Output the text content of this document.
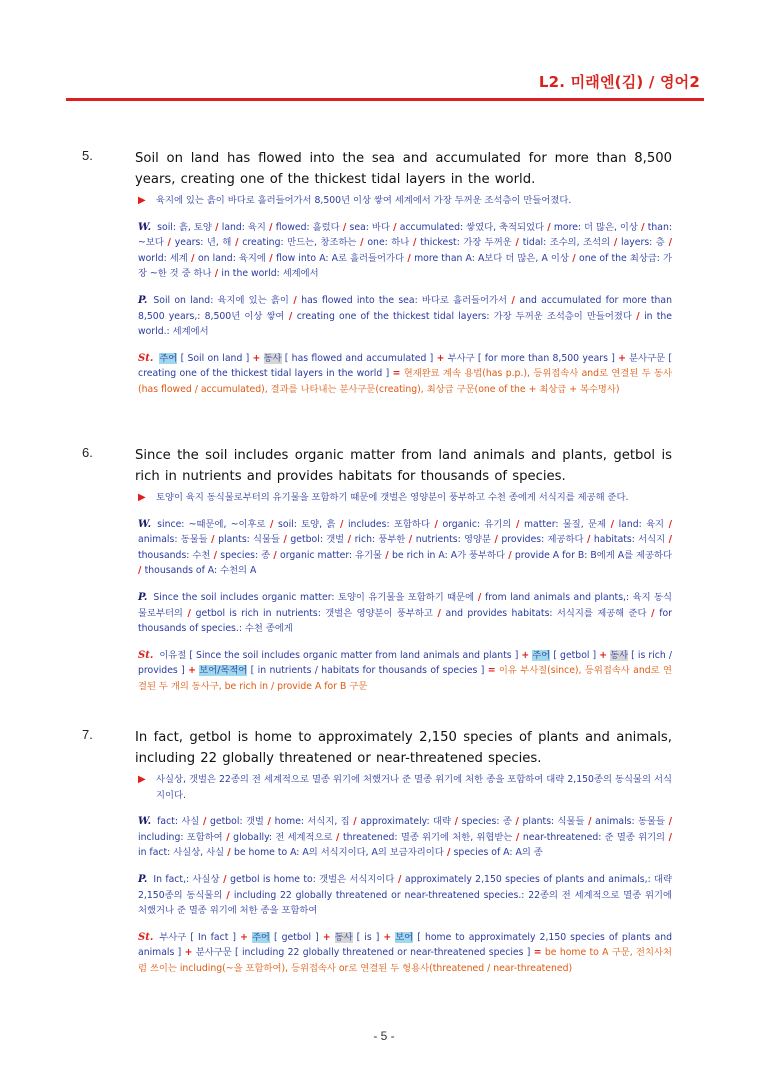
L2. 미래엔(김) / 영어2
5.	Soil on land has flowed into the sea and accumulated for more than 8,500 years, creating one of the thickest tidal layers in the world.
▶ 육지에 있는 흙이 바다로 흘러들어가서 8,500년 이상 쌓여 세계에서 가장 두꺼운 조석층이 만들어졌다.
W. soil: 흙, 토양 / land: 육지 / flowed: 흘렀다 / sea: 바다 / accumulated: 쌓였다, 축적되었다 / more: 더 많은, 이상 / than: ~보다 / years: 년, 해 / creating: 만드는, 창조하는 / one: 하나 / thickest: 가장 두꺼운 / tidal: 조수의, 조석의 / layers: 층 / world: 세계 / on land: 육지에 / flow into A: A로 흘러들어가다 / more than A: A보다 더 많은, A 이상 / one of the 최상급: 가장 ~한 것 중 하나 / in the world: 세계에서
P. Soil on land: 육지에 있는 흙이 / has flowed into the sea: 바다로 흘러들어가서 / and accumulated for more than 8,500 years,: 8,500년 이상 쌓여 / creating one of the thickest tidal layers: 가장 두꺼운 조석층이 만들어졌다 / in the world.: 세계에서
St. 주어 [ Soil on land ] + 동사 [ has flowed and accumulated ] + 부사구 [ for more than 8,500 years ] + 분사구문 [ creating one of the thickest tidal layers in the world ] = 현재완료 계속 용법(has p.p.), 등위접속사 and로 연결된 두 동사(has flowed / accumulated), 결과를 나타내는 분사구문(creating), 최상급 구문(one of the + 최상급 + 복수명사)
6.	Since the soil includes organic matter from land animals and plants, getbol is rich in nutrients and provides habitats for thousands of species.
▶ 토양이 육지 동식물로부터의 유기물을 포함하기 때문에 갯벌은 영양분이 풍부하고 수천 종에게 서식지를 제공해 준다.
W. since: ~때문에, ~이후로 / soil: 토양, 흙 / includes: 포함하다 / organic: 유기의 / matter: 물질, 문제 / land: 육지 / animals: 동물들 / plants: 식물들 / getbol: 갯벌 / rich: 풍부한 / nutrients: 영양분 / provides: 제공하다 / habitats: 서식지 / thousands: 수천 / species: 종 / organic matter: 유기물 / be rich in A: A가 풍부하다 / provide A for B: B에게 A를 제공하다 / thousands of A: 수천의 A
P. Since the soil includes organic matter: 토양이 유기물을 포함하기 때문에 / from land animals and plants,: 육지 동식물로부터의 / getbol is rich in nutrients: 갯벌은 영양분이 풍부하고 / and provides habitats: 서식지를 제공해 준다 / for thousands of species.: 수천 종에게
St. 이유절 [ Since the soil includes organic matter from land animals and plants ] + 주어 [ getbol ] + 동사 [ is rich / provides ] + 보어/목적어 [ in nutrients / habitats for thousands of species ] = 이유 부사절(since), 등위접속사 and로 연결된 두 개의 동사구, be rich in / provide A for B 구문
7.	In fact, getbol is home to approximately 2,150 species of plants and animals, including 22 globally threatened or near-threatened species.
▶ 사실상, 갯벌은 22종의 전 세계적으로 멸종 위기에 처했거나 준 멸종 위기에 처한 종을 포함하여 대략 2,150종의 동식물의 서식지이다.
W. fact: 사실 / getbol: 갯벌 / home: 서식지, 집 / approximately: 대략 / species: 종 / plants: 식물들 / animals: 동물들 / including: 포함하여 / globally: 전 세계적으로 / threatened: 멸종 위기에 처한, 위협받는 / near-threatened: 준 멸종 위기의 / in fact: 사실상, 사실 / be home to A: A의 서식지이다, A의 보금자리이다 / species of A: A의 종
P. In fact,: 사실상 / getbol is home to: 갯벌은 서식지이다 / approximately 2,150 species of plants and animals,: 대략 2,150종의 동식물의 / including 22 globally threatened or near-threatened species.: 22종의 전 세계적으로 멸종 위기에 처했거나 준 멸종 위기에 처한 종을 포함하여
St. 부사구 [ In fact ] + 주어 [ getbol ] + 동사 [ is ] + 보어 [ home to approximately 2,150 species of plants and animals ] + 분사구문 [ including 22 globally threatened or near-threatened species ] = be home to A 구문, 전치사처럼 쓰이는 including(~을 포함하여), 등위접속사 or로 연결된 두 형용사(threatened / near-threatened)
- 5 -
